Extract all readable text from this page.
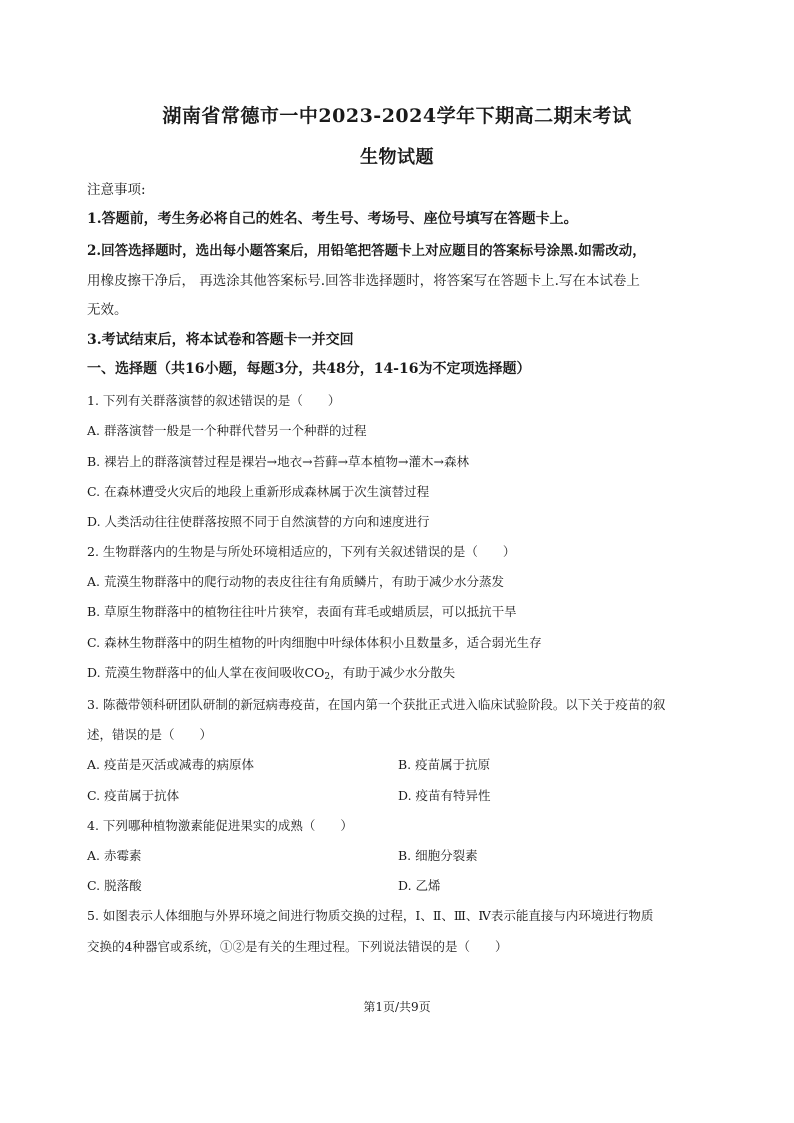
湖南省常德市一中2023-2024学年下期高二期末考试
生物试题
注意事项:
1.答题前，考生务必将自己的姓名、考生号、考场号、座位号填写在答题卡上。
2.回答选择题时，选出每小题答案后，用铅笔把答题卡上对应题目的答案标号涂黑.如需改动，
用橡皮擦干净后， 再选涂其他答案标号.回答非选择题时，将答案写在答题卡上.写在本试卷上
无效。
3.考试结束后，将本试卷和答题卡一并交回
一、选择题（共16小题，每题3分，共48分，14-16为不定项选择题）
1. 下列有关群落演替的叙述错误的是（　　）
A. 群落演替一般是一个种群代替另一个种群的过程
B. 裸岩上的群落演替过程是裸岩→地衣→苔藓→草本植物→灌木→森林
C. 在森林遭受火灾后的地段上重新形成森林属于次生演替过程
D. 人类活动往往使群落按照不同于自然演替的方向和速度进行
2. 生物群落内的生物是与所处环境相适应的，下列有关叙述错误的是（　　）
A. 荒漠生物群落中的爬行动物的表皮往往有角质鳞片，有助于减少水分蒸发
B. 草原生物群落中的植物往往叶片狭窄，表面有茸毛或蜡质层，可以抵抗干旱
C. 森林生物群落中的阴生植物的叶肉细胞中叶绿体体积小且数量多，适合弱光生存
D. 荒漠生物群落中的仙人掌在夜间吸收$CO_2$，有助于减少水分散失
3. 陈薇带领科研团队研制的新冠病毒疫苗，在国内第一个获批正式进入临床试验阶段。以下关于疫苗的叙
述，错误的是（　　）
A. 疫苗是灭活或减毒的病原体	B. 疫苗属于抗原
C. 疫苗属于抗体	D. 疫苗有特异性
4. 下列哪种植物激素能促进果实的成熟（　　）
A. 赤霉素	B. 细胞分裂素
C. 脱落酸	D. 乙烯
5. 如图表示人体细胞与外界环境之间进行物质交换的过程，Ⅰ、Ⅱ、Ⅲ、Ⅳ表示能直接与内环境进行物质
交换的4种器官或系统，①②是有关的生理过程。下列说法错误的是（　　）
第1页/共9页
